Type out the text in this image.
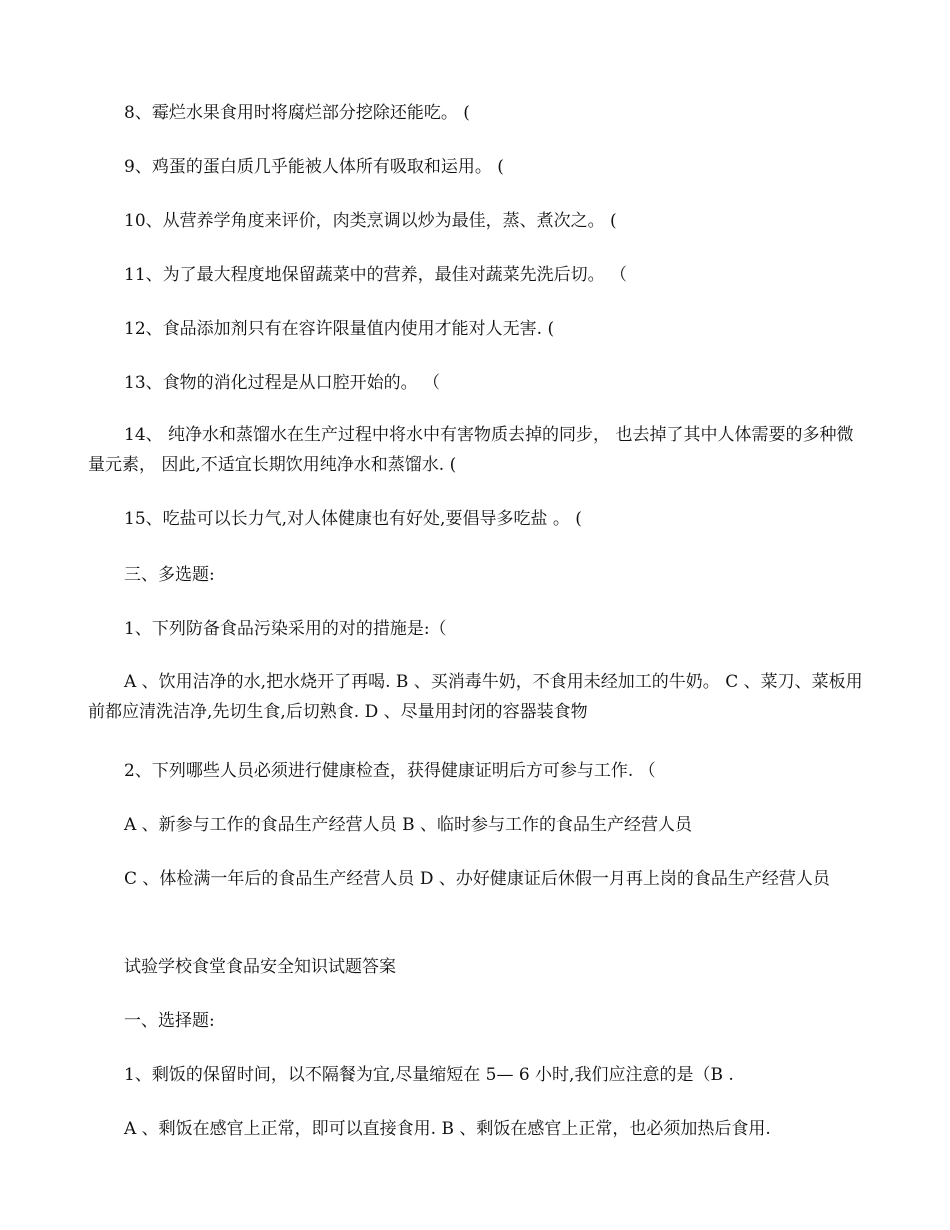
8、霉烂水果食用时将腐烂部分挖除还能吃。 (

9、鸡蛋的蛋白质几乎能被人体所有吸取和运用。 (

10、从营养学角度来评价，肉类烹调以炒为最佳，蒸、煮次之。 (

11、为了最大程度地保留蔬菜中的营养，最佳对蔬菜先洗后切。 （

12、食品添加剂只有在容许限量值内使用才能对人无害. (

13、食物的消化过程是从口腔开始的。 （

14、 纯净水和蒸馏水在生产过程中将水中有害物质去掉的同步， 也去掉了其中人体需要的多种微量元素， 因此,不适宜长期饮用纯净水和蒸馏水. (

15、吃盐可以长力气,对人体健康也有好处,要倡导多吃盐 。 (

三、多选题:

1、下列防备食品污染采用的对的措施是:（

A 、饮用洁净的水,把水烧开了再喝. B 、买消毒牛奶，不食用未经加工的牛奶。 C 、菜刀、菜板用前都应清洗洁净,先切生食,后切熟食. D 、尽量用封闭的容器装食物

2、下列哪些人员必须进行健康检查，获得健康证明后方可参与工作. （

A 、新参与工作的食品生产经营人员 B 、临时参与工作的食品生产经营人员

C 、体检满一年后的食品生产经营人员 D 、办好健康证后休假一月再上岗的食品生产经营人员

试验学校食堂食品安全知识试题答案

一、选择题:

1、剩饭的保留时间，以不隔餐为宜,尽量缩短在 5— 6 小时,我们应注意的是（B .

A 、剩饭在感官上正常，即可以直接食用. B 、剩饭在感官上正常，也必须加热后食用.
